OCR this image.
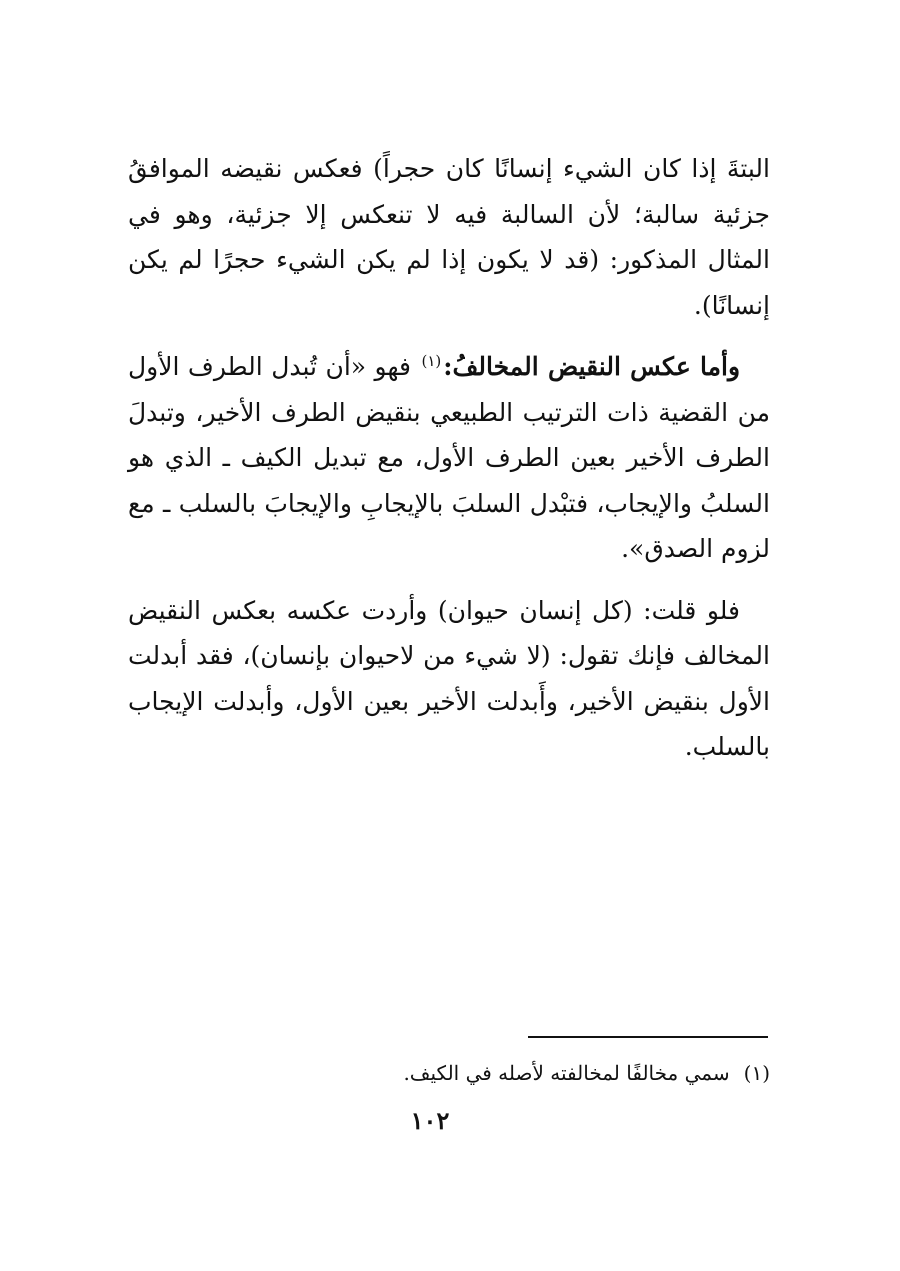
البتةَ إذا كان الشيء إنسانًا كان حجراً) فعكس نقيضه الموافقُ جزئية سالبة؛ لأن السالبة فيه لا تنعكس إلا جزئية، وهو في المثال المذكور: (قد لا يكون إذا لم يكن الشيء حجرًا لم يكن إنسانًا).

وأما عكس النقيض المخالفُ:$^{(١)}$ فهو «أن تُبدل الطرف الأول من القضية ذات الترتيب الطبيعي بنقيض الطرف الأخير، وتبدلَ الطرف الأخير بعين الطرف الأول، مع تبديل الكيف ـ الذي هو السلبُ والإيجاب، فتبْدل السلبَ بالإيجابِ والإيجابَ بالسلب ـ مع لزوم الصدق».

فلو قلت: (كل إنسان حيوان) وأردت عكسه بعكس النقيض المخالف فإنك تقول: (لا شيء من لاحيوان بإنسان)، فقد أبدلت الأول بنقيض الأخير، وأَبدلت الأخير بعين الأول، وأبدلت الإيجاب بالسلب.

(١)سمي مخالفًا لمخالفته لأصله في الكيف.
١٠٢
